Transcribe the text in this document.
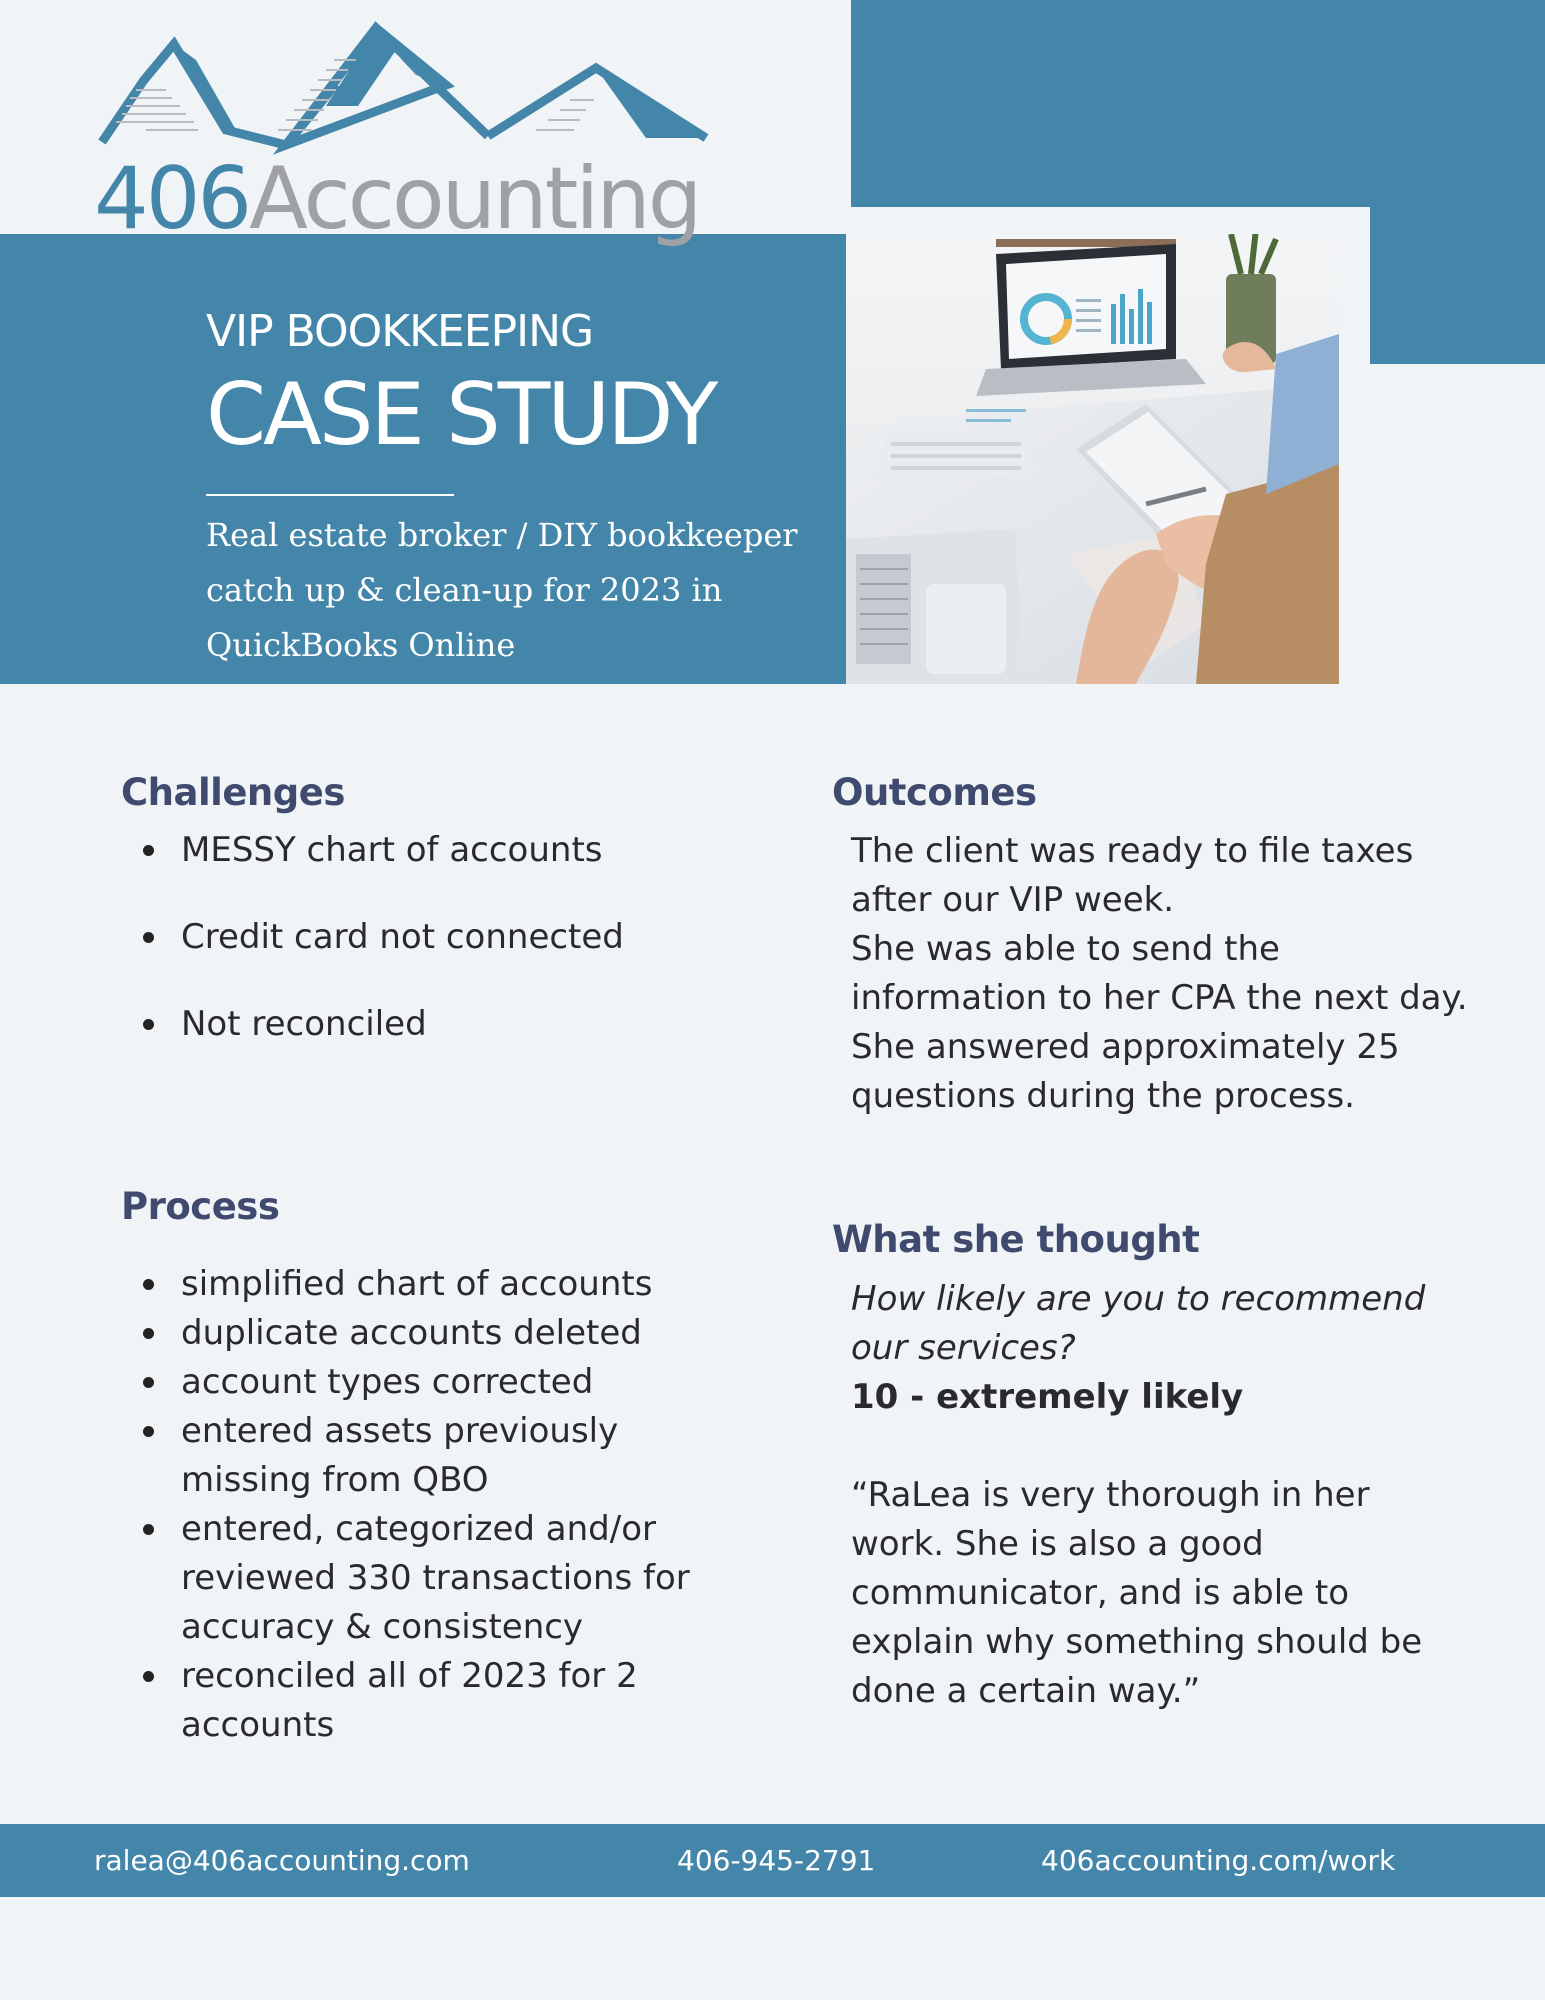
406Accounting
VIP BOOKKEEPING
CASE STUDY
Real estate broker / DIY bookkeeper catch up & clean-up for 2023 in QuickBooks Online
Challenges
MESSY chart of accounts
Credit card not connected
Not reconciled
Process
simplified chart of accounts
duplicate accounts deleted
account types corrected
entered assets previously missing from QBO
entered, categorized and/or reviewed 330 transactions for accuracy & consistency
reconciled all of 2023 for 2 accounts
Outcomes
The client was ready to file taxes after our VIP week.
She was able to send the information to her CPA the next day.
She answered approximately 25 questions during the process.
What she thought
How likely are you to recommend our services?
10 - extremely likely
“RaLea is very thorough in her work. She is also a good communicator, and is able to explain why something should be done a certain way.”
ralea@406accounting.com	406-945-2791	406accounting.com/work
